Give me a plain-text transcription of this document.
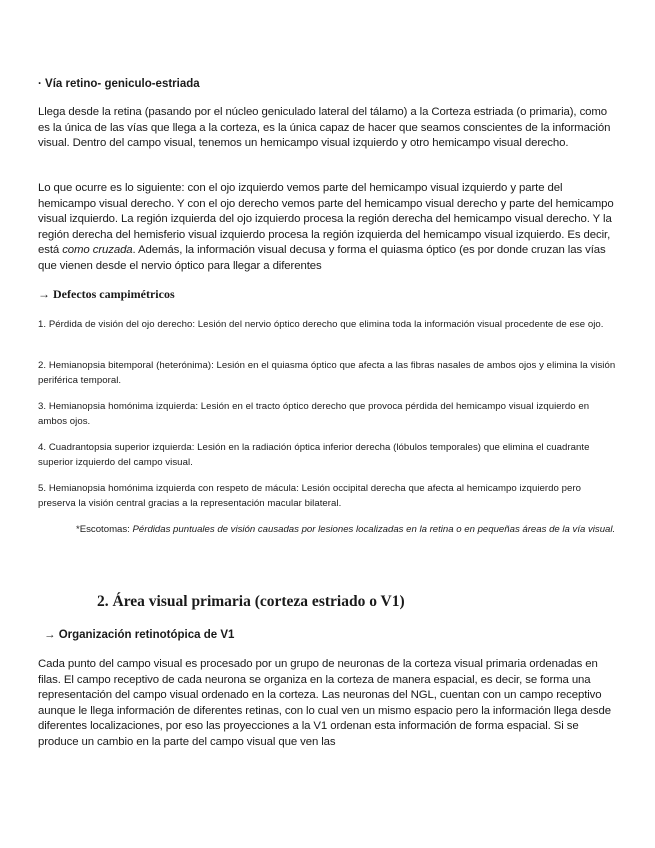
· Vía retino- geniculo-estriada

Llega desde la retina (pasando por el núcleo geniculado lateral del tálamo) a la Corteza estriada (o primaria), como es la única de las vías que llega a la corteza, es la única capaz de hacer que seamos conscientes de la información visual. Dentro del campo visual, tenemos un hemicampo visual izquierdo y otro hemicampo visual derecho.

Lo que ocurre es lo siguiente: con el ojo izquierdo vemos parte del hemicampo visual izquierdo y parte del hemicampo visual derecho. Y con el ojo derecho vemos parte del hemicampo visual derecho y parte del hemicampo visual izquierdo. La región izquierda del ojo izquierdo procesa la región derecha del hemicampo visual derecho. Y la región derecha del hemisferio visual izquierdo procesa la región izquierda del hemicampo visual izquierdo. Es decir, está como cruzada. Además, la información visual decusa y forma el quiasma óptico (es por donde cruzan las vías que vienen desde el nervio óptico para llegar a diferentes

→ Defectos campimétricos

1. Pérdida de visión del ojo derecho: Lesión del nervio óptico derecho que elimina toda la información visual procedente de ese ojo.

2. Hemianopsia bitemporal (heterónima): Lesión en el quiasma óptico que afecta a las fibras nasales de ambos ojos y elimina la visión periférica temporal.

3. Hemianopsia homónima izquierda: Lesión en el tracto óptico derecho que provoca pérdida del hemicampo visual izquierdo en ambos ojos.

4. Cuadrantopsia superior izquierda: Lesión en la radiación óptica inferior derecha (lóbulos temporales) que elimina el cuadrante superior izquierdo del campo visual.

5. Hemianopsia homónima izquierda con respeto de mácula: Lesión occipital derecha que afecta al hemicampo izquierdo pero preserva la visión central gracias a la representación macular bilateral.

*Escotomas: Pérdidas puntuales de visión causadas por lesiones localizadas en la retina o en pequeñas áreas de la vía visual.

2. Área visual primaria (corteza estriado o V1)

→ Organización retinotópica de V1

Cada punto del campo visual es procesado por un grupo de neuronas de la corteza visual primaria ordenadas en filas. El campo receptivo de cada neurona se organiza en la corteza de manera espacial, es decir, se forma una representación del campo visual ordenado en la corteza. Las neuronas del NGL, cuentan con un campo receptivo aunque le llega información de diferentes retinas, con lo cual ven un mismo espacio pero la información llega desde diferentes localizaciones, por eso las proyecciones a la V1 ordenan esta información de forma espacial. Si se produce un cambio en la parte del campo visual que ven las
